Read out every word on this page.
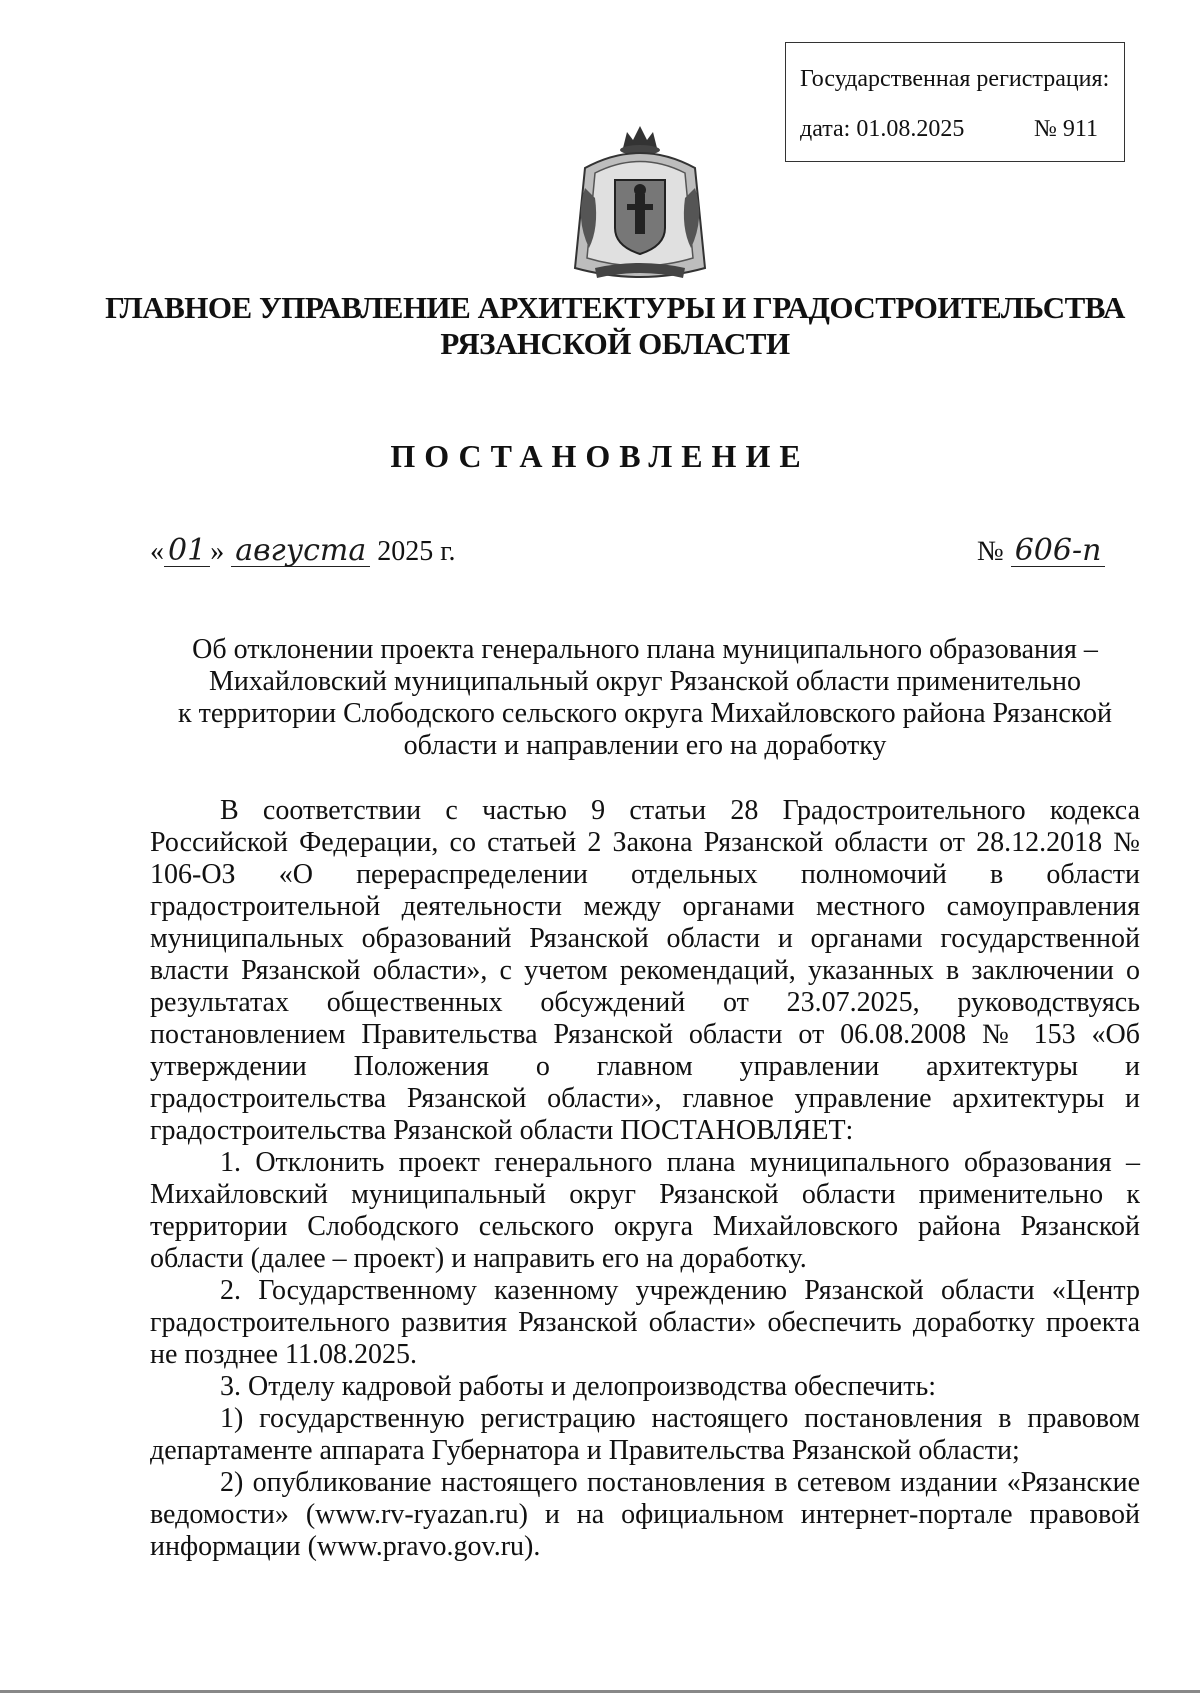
Государственная регистрация:
дата: 01.08.2025	№ 911
ГЛАВНОЕ УПРАВЛЕНИЕ АРХИТЕКТУРЫ И ГРАДОСТРОИТЕЛЬСТВА
РЯЗАНСКОЙ ОБЛАСТИ
ПОСТАНОВЛЕНИЕ
« 01 » августа 2025 г.	№ 606-п
Об отклонении проекта генерального плана муниципального образования –
Михайловский муниципальный округ Рязанской области применительно
к территории Слободского сельского округа Михайловского района Рязанской
области и направлении его на доработку

В соответствии с частью 9 статьи 28 Градостроительного кодекса Российской Федерации, со статьей 2 Закона Рязанской области от 28.12.2018 № 106-ОЗ «О перераспределении отдельных полномочий в области градостроительной деятельности между органами местного самоуправления муниципальных образований Рязанской области и органами государственной власти Рязанской области», с учетом рекомендаций, указанных в заключении о результатах общественных обсуждений от 23.07.2025, руководствуясь постановлением Правительства Рязанской области от 06.08.2008 № 153 «Об утверждении Положения о главном управлении архитектуры и градостроительства Рязанской области», главное управление архитектуры и градостроительства Рязанской области ПОСТАНОВЛЯЕТ:

1. Отклонить проект генерального плана муниципального образования – Михайловский муниципальный округ Рязанской области применительно к территории Слободского сельского округа Михайловского района Рязанской области (далее – проект) и направить его на доработку.

2. Государственному казенному учреждению Рязанской области «Центр градостроительного развития Рязанской области» обеспечить доработку проекта не позднее 11.08.2025.

3. Отделу кадровой работы и делопроизводства обеспечить:

1) государственную регистрацию настоящего постановления в правовом департаменте аппарата Губернатора и Правительства Рязанской области;

2) опубликование настоящего постановления в сетевом издании «Рязанские ведомости» (www.rv-ryazan.ru) и на официальном интернет-портале правовой информации (www.pravo.gov.ru).
